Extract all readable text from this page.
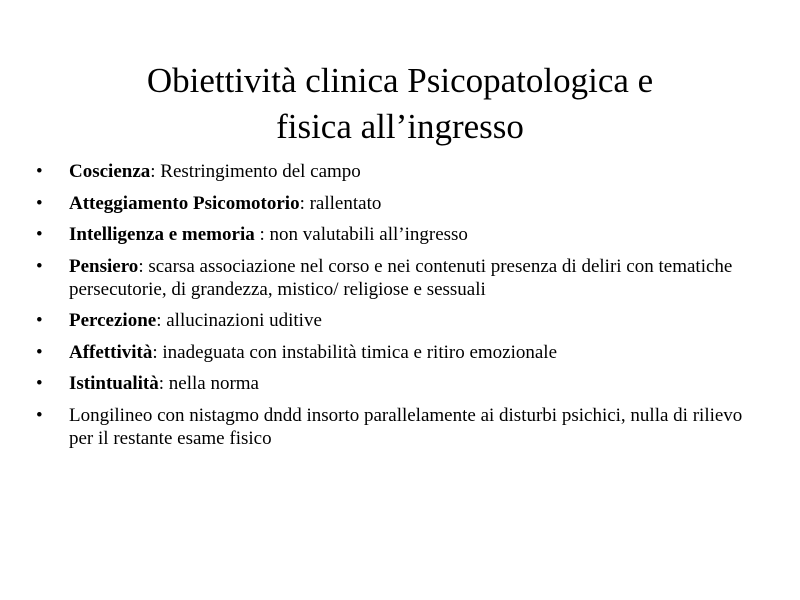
Obiettività clinica Psicopatologica e
fisica all’ingresso
•	Coscienza: Restringimento del campo
•	Atteggiamento Psicomotorio: rallentato
•	Intelligenza e memoria : non valutabili all’ingresso
•	Pensiero: scarsa associazione nel corso e nei contenuti presenza di deliri con tematiche persecutorie, di grandezza, mistico/ religiose e sessuali
•	Percezione: allucinazioni uditive
•	Affettività: inadeguata con instabilità timica e ritiro emozionale
•	Istintualità: nella norma
•	Longilineo con nistagmo dndd insorto parallelamente ai disturbi psichici, nulla di rilievo per il restante esame fisico
